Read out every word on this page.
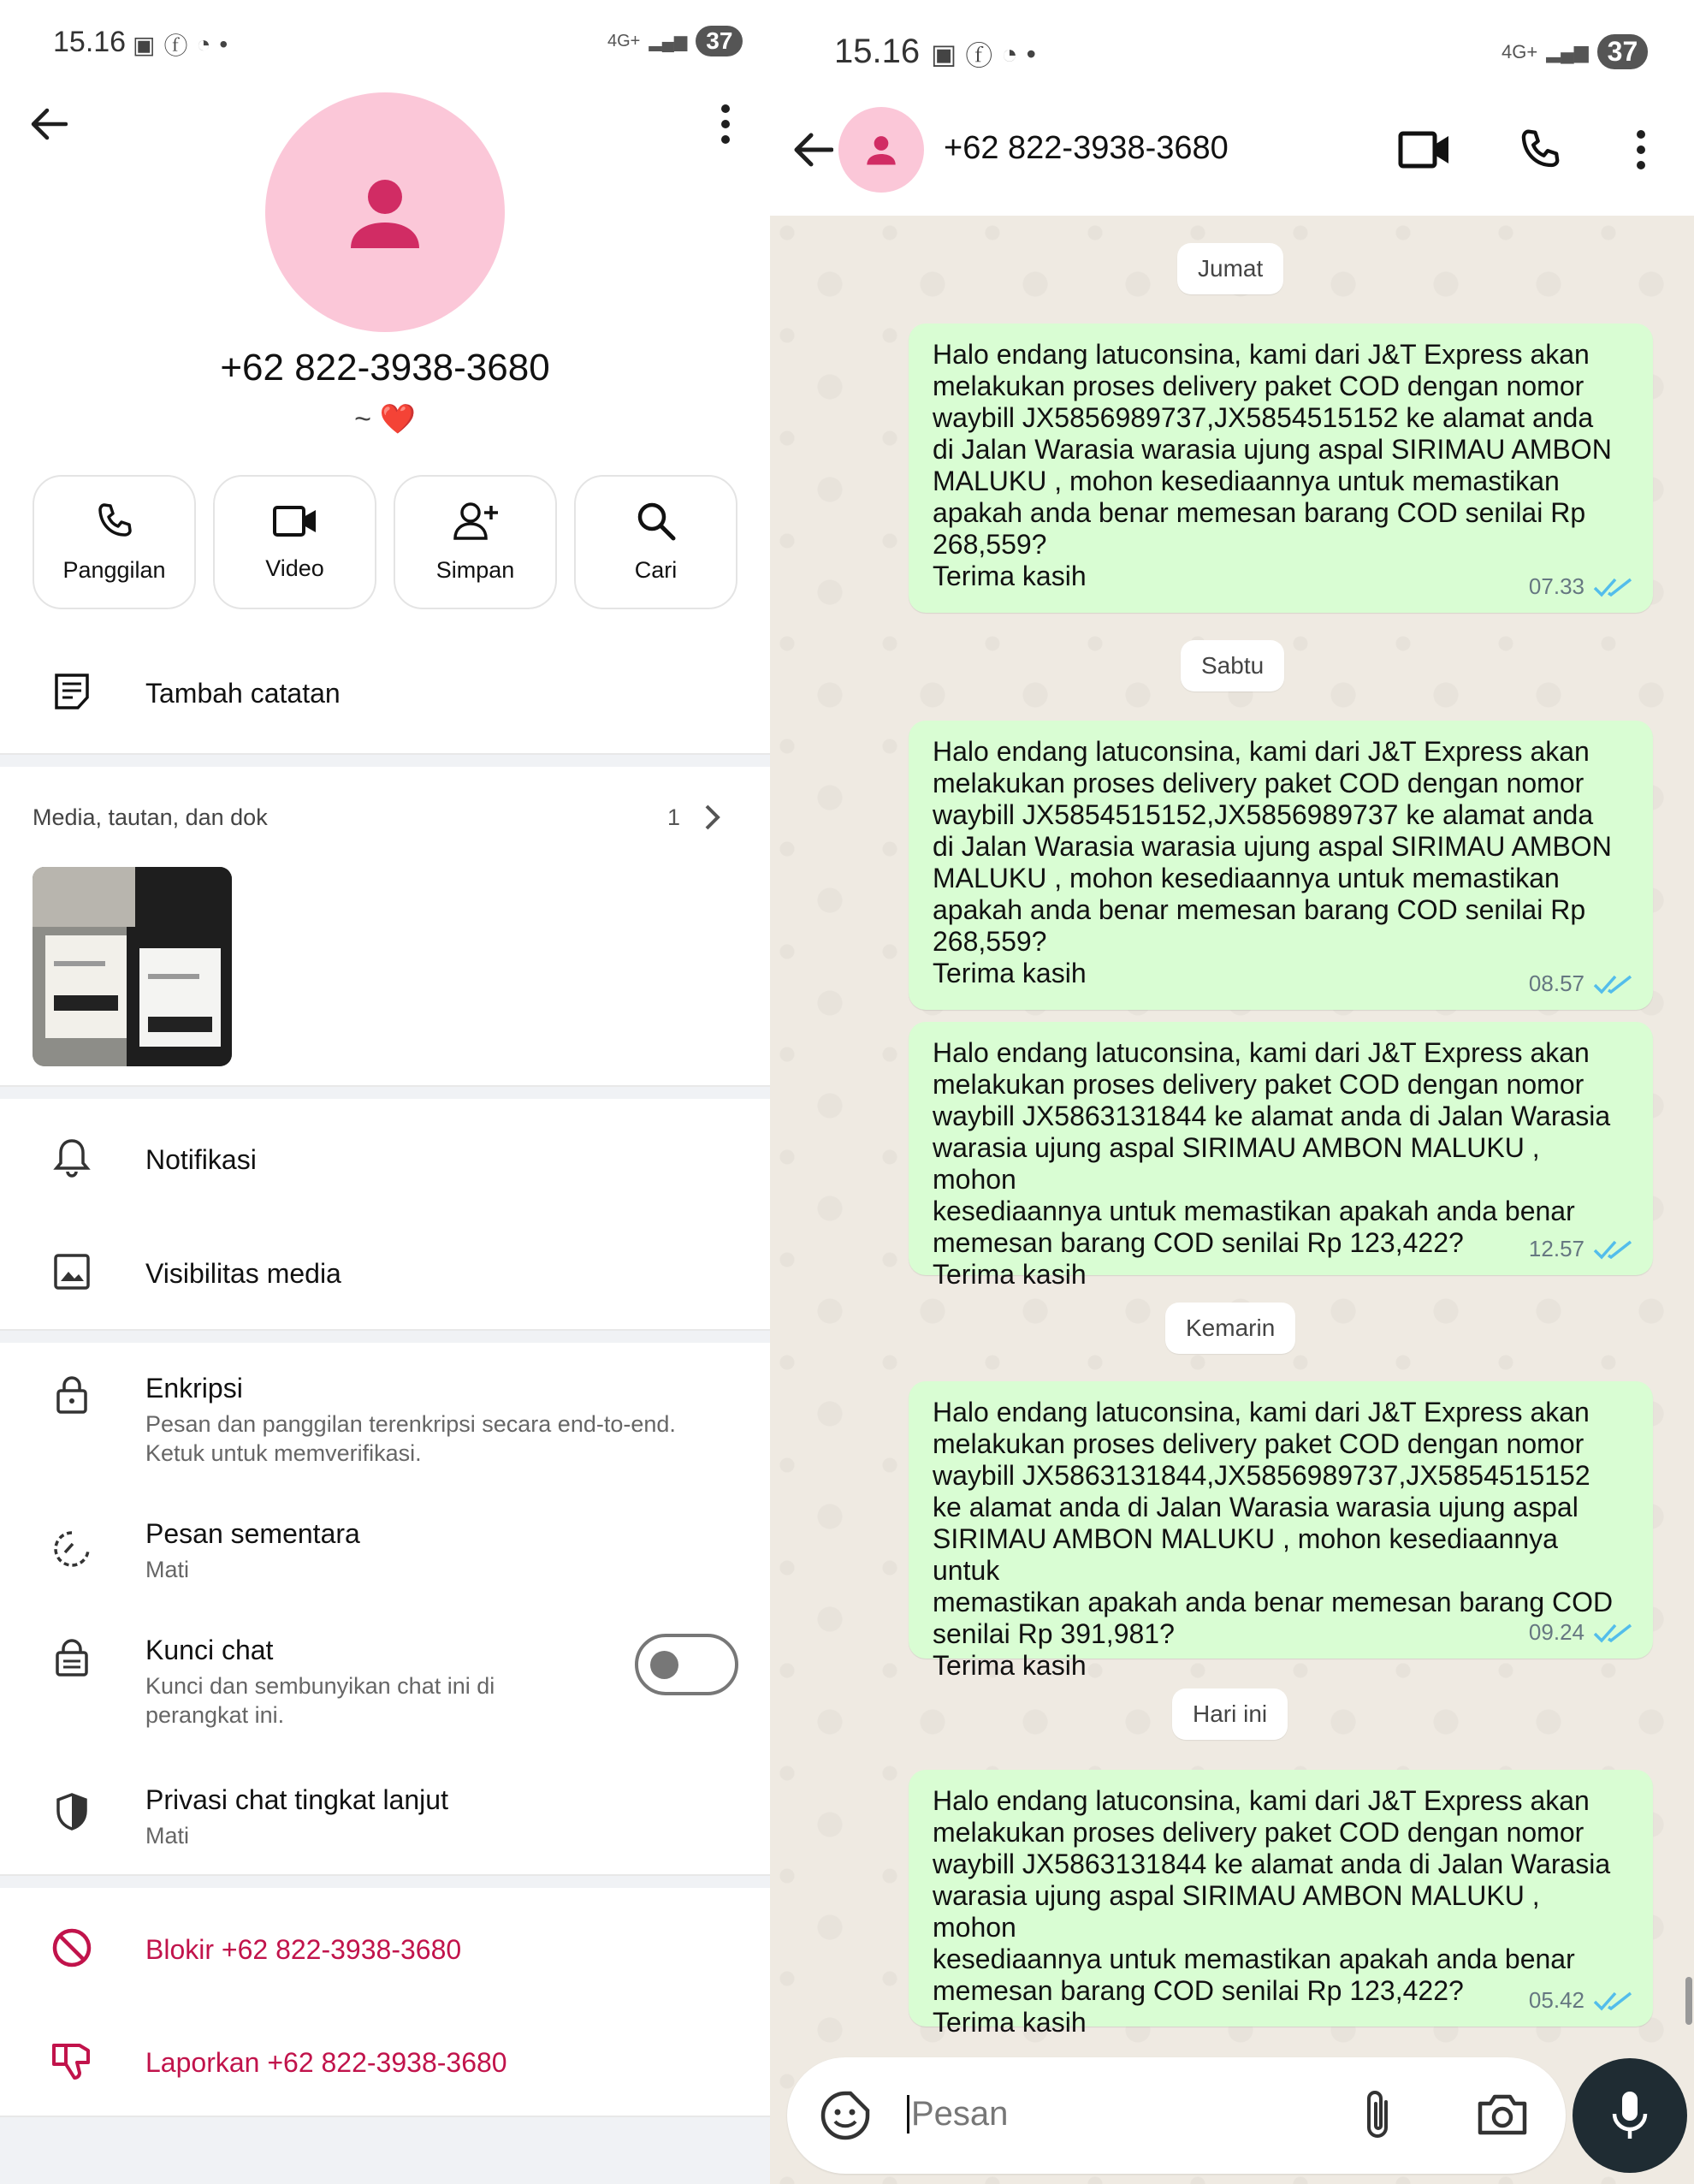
15.16 ▣ ⓕ ◔ •	4G+ ▂▄▆ 37
+62 822-3938-3680
~ ❤️
Panggilan	Video	Simpan	Cari
Tambah catatan
Media, tautan, dan dok	1
Notifikasi
Visibilitas media
Enkripsi
Pesan dan panggilan terenkripsi secara end-to-end.
Ketuk untuk memverifikasi.
Pesan sementara
Mati
Kunci chat
Kunci dan sembunyikan chat ini di
perangkat ini.
Privasi chat tingkat lanjut
Mati
Blokir +62 822-3938-3680
Laporkan +62 822-3938-3680
15.16 ▣ ⓕ ◔ •	4G+ ▂▄▆ 37
+62 822-3938-3680
Jumat
Halo endang latuconsina, kami dari J&T Express akan
melakukan proses delivery paket COD dengan nomor
waybill JX5856989737,JX5854515152 ke alamat anda
di Jalan Warasia warasia ujung aspal SIRIMAU AMBON
MALUKU , mohon kesediaannya untuk memastikan
apakah anda benar memesan barang COD senilai Rp
268,559?
Terima kasih	07.33
Sabtu
Halo endang latuconsina, kami dari J&T Express akan
melakukan proses delivery paket COD dengan nomor
waybill JX5854515152,JX5856989737 ke alamat anda
di Jalan Warasia warasia ujung aspal SIRIMAU AMBON
MALUKU , mohon kesediaannya untuk memastikan
apakah anda benar memesan barang COD senilai Rp
268,559?
Terima kasih	08.57
Halo endang latuconsina, kami dari J&T Express akan
melakukan proses delivery paket COD dengan nomor
waybill JX5863131844 ke alamat anda di Jalan Warasia
warasia ujung aspal SIRIMAU AMBON MALUKU , mohon
kesediaannya untuk memastikan apakah anda benar
memesan barang COD senilai Rp 123,422?
Terima kasih
12.57
Kemarin
Halo endang latuconsina, kami dari J&T Express akan
melakukan proses delivery paket COD dengan nomor
waybill JX5863131844,JX5856989737,JX5854515152
ke alamat anda di Jalan Warasia warasia ujung aspal
SIRIMAU AMBON MALUKU , mohon kesediaannya untuk
memastikan apakah anda benar memesan barang COD
senilai Rp 391,981?
Terima kasih
09.24
Hari ini
Halo endang latuconsina, kami dari J&T Express akan
melakukan proses delivery paket COD dengan nomor
waybill JX5863131844 ke alamat anda di Jalan Warasia
warasia ujung aspal SIRIMAU AMBON MALUKU , mohon
kesediaannya untuk memastikan apakah anda benar
memesan barang COD senilai Rp 123,422?
Terima kasih
05.42
Pesan
